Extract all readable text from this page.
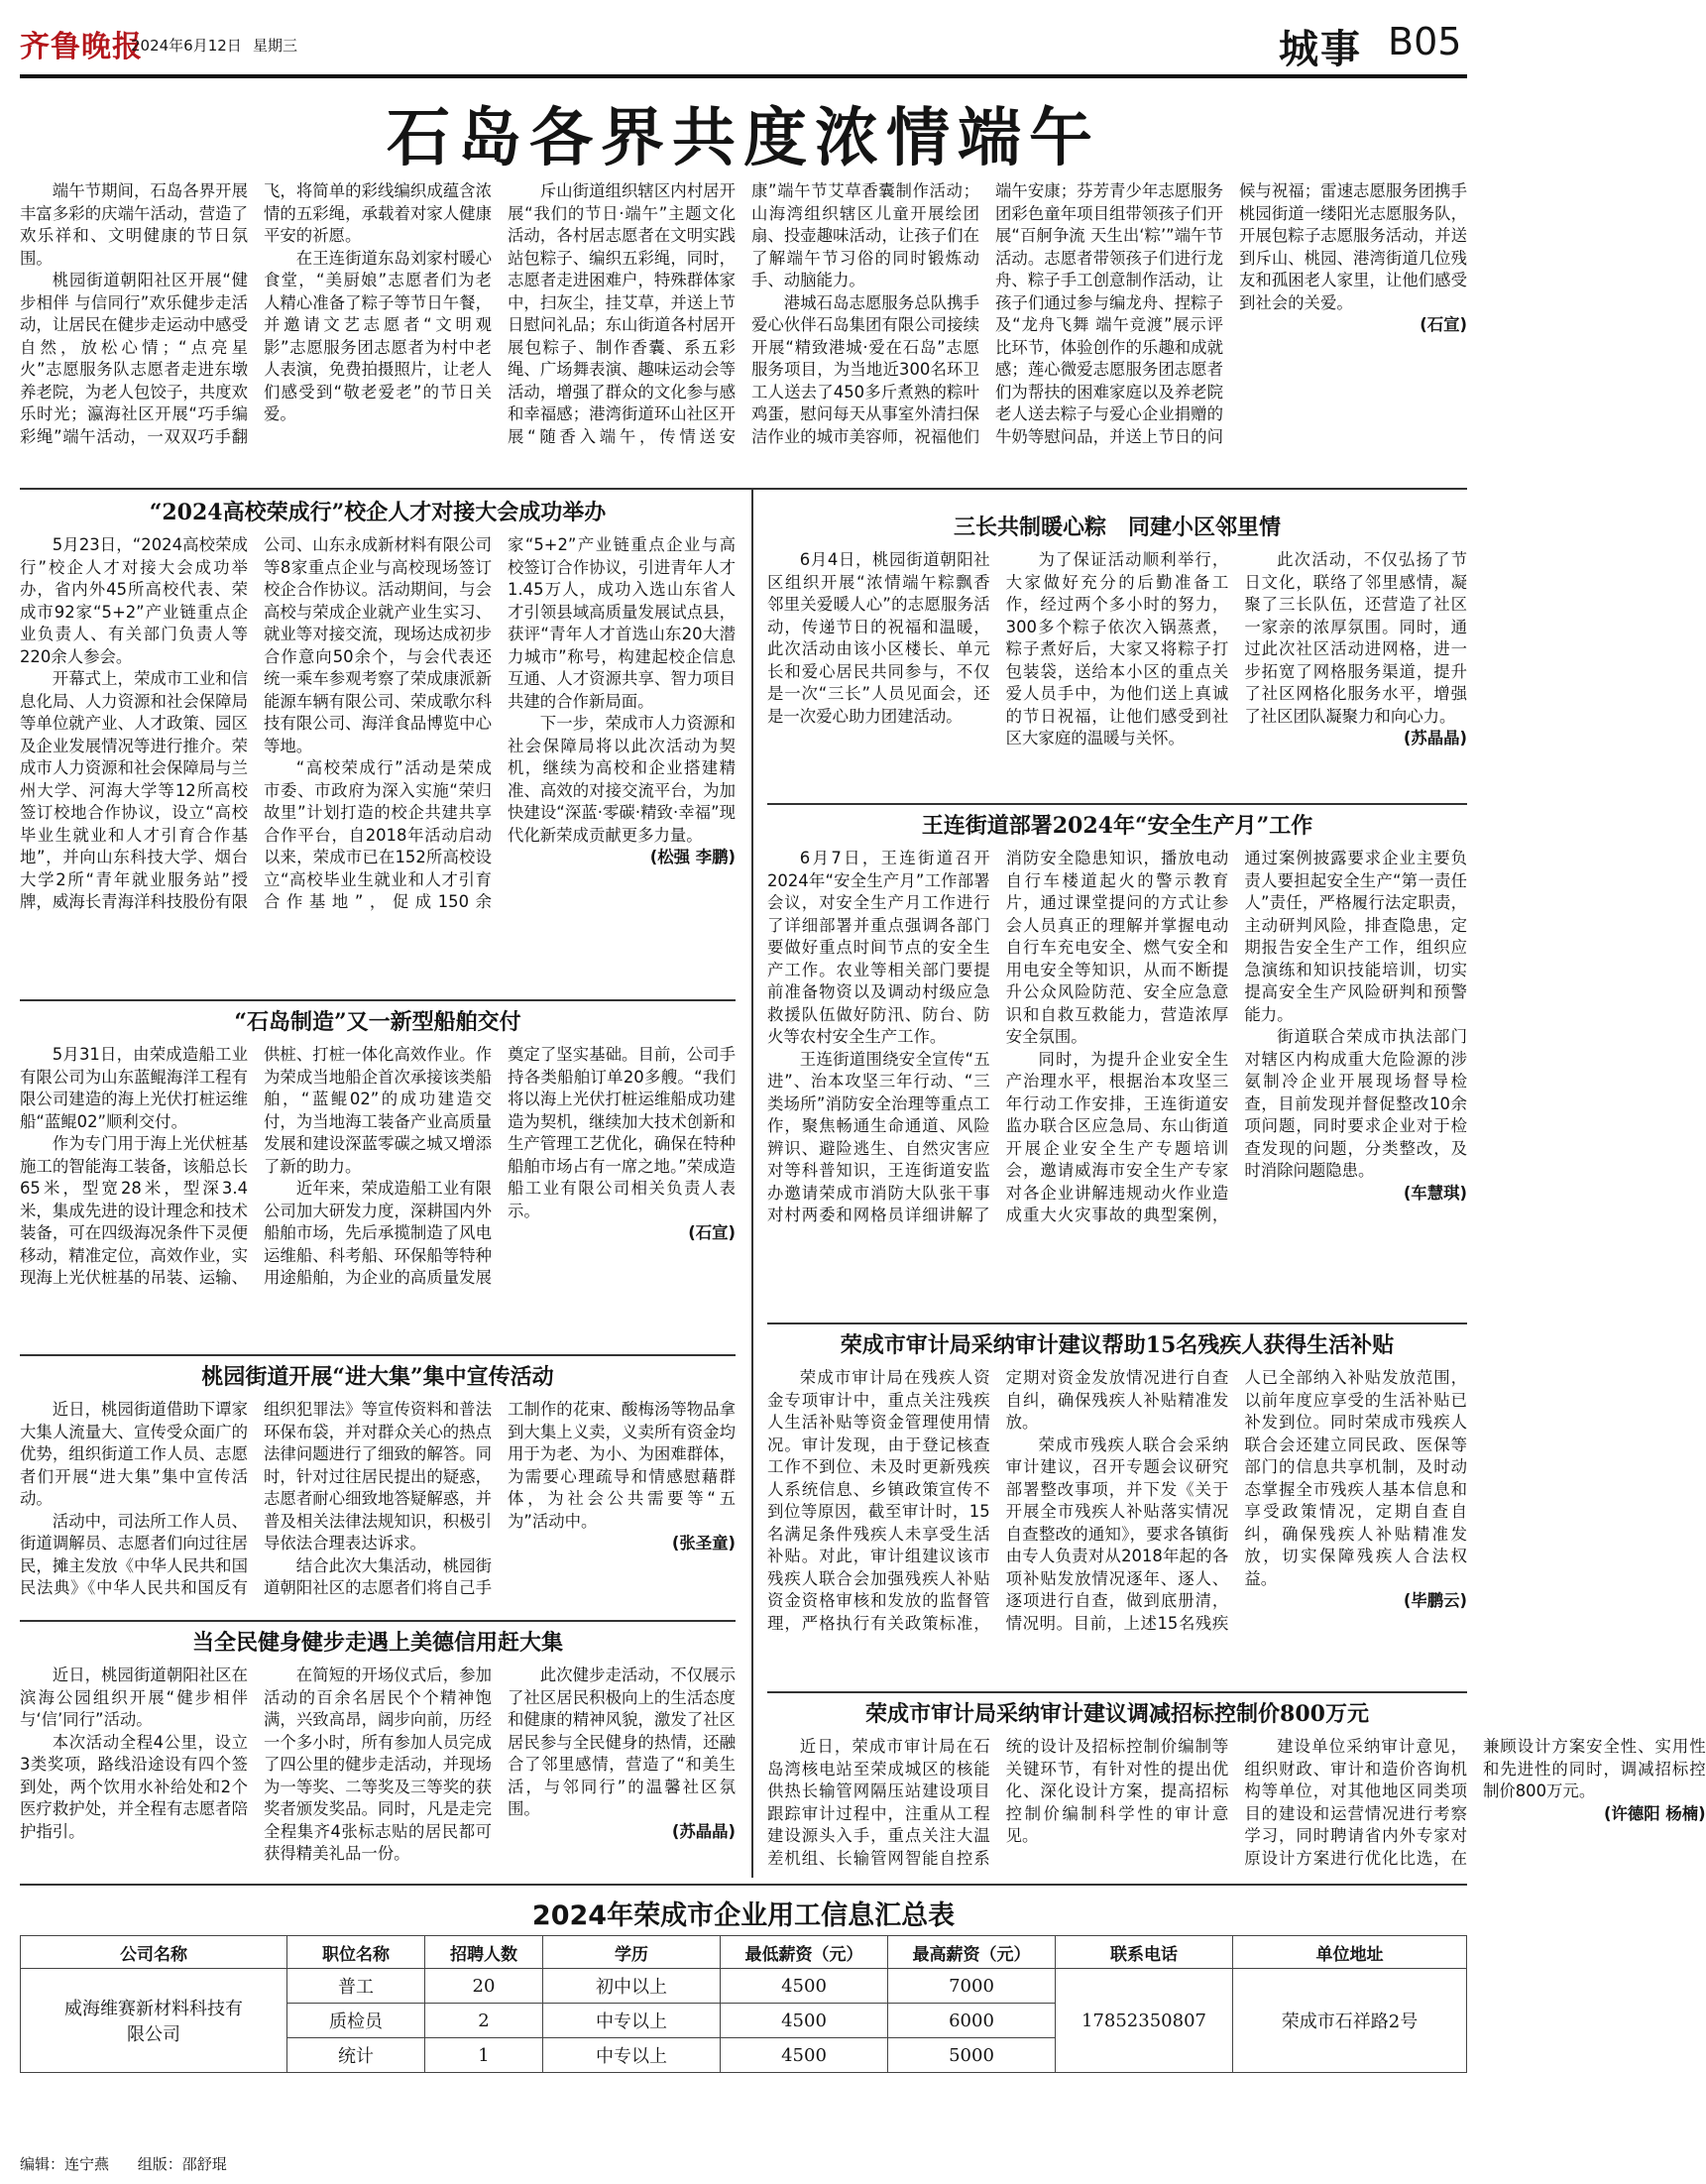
齐鲁晚报
2024年6月12日 星期三	城事 B05
石岛各界共度浓情端午

端午节期间，石岛各界开展丰富多彩的庆端午活动，营造了欢乐祥和、文明健康的节日氛围。

桃园街道朝阳社区开展“健步相伴 与信同行”欢乐健步走活动，让居民在健步走运动中感受自然，放松心情；“点亮星火”志愿服务队志愿者走进东墩养老院，为老人包饺子，共度欢乐时光；瀛海社区开展“巧手编彩绳”端午活动，一双双巧手翻飞，将简单的彩线编织成蕴含浓情的五彩绳，承载着对家人健康平安的祈愿。

在王连街道东岛刘家村暖心食堂，“美厨娘”志愿者们为老人精心准备了粽子等节日午餐，并邀请文艺志愿者“文明观影”志愿服务团志愿者为村中老人表演，免费拍摄照片，让老人们感受到“敬老爱老”的节日关爱。

斥山街道组织辖区内村居开展“我们的节日·端午”主题文化活动，各村居志愿者在文明实践站包粽子、编织五彩绳，同时，志愿者走进困难户，特殊群体家中，扫灰尘，挂艾草，并送上节日慰问礼品；东山街道各村居开展包粽子、制作香囊、系五彩绳、广场舞表演、趣味运动会等活动，增强了群众的文化参与感和幸福感；港湾街道环山社区开展“随香入端午，传情送安康”端午节艾草香囊制作活动；山海湾组织辖区儿童开展绘团扇、投壶趣味活动，让孩子们在了解端午节习俗的同时锻炼动手、动脑能力。

港城石岛志愿服务总队携手爱心伙伴石岛集团有限公司接续开展“精致港城·爱在石岛”志愿服务项目，为当地近300名环卫工人送去了450多斤煮熟的粽叶鸡蛋，慰问每天从事室外清扫保洁作业的城市美容师，祝福他们端午安康；芬芳青少年志愿服务团彩色童年项目组带领孩子们开展“百舸争流 天生出‘粽’”端午节活动。志愿者带领孩子们进行龙舟、粽子手工创意制作活动，让孩子们通过参与编龙舟、捏粽子及“龙舟飞舞 端午竞渡”展示评比环节，体验创作的乐趣和成就感；莲心微爱志愿服务团志愿者们为帮扶的困难家庭以及养老院老人送去粽子与爱心企业捐赠的牛奶等慰问品，并送上节日的问候与祝福；雷速志愿服务团携手桃园街道一缕阳光志愿服务队，开展包粽子志愿服务活动，并送到斥山、桃园、港湾街道几位残友和孤困老人家里，让他们感受到社会的关爱。

(石宣)

“2024高校荣成行”校企人才对接大会成功举办

5月23日，“2024高校荣成行”校企人才对接大会成功举办，省内外45所高校代表、荣成市92家“5+2”产业链重点企业负责人、有关部门负责人等220余人参会。

开幕式上，荣成市工业和信息化局、人力资源和社会保障局等单位就产业、人才政策、园区及企业发展情况等进行推介。荣成市人力资源和社会保障局与兰州大学、河海大学等12所高校签订校地合作协议，设立“高校毕业生就业和人才引育合作基地”，并向山东科技大学、烟台大学2所“青年就业服务站”授牌，威海长青海洋科技股份有限公司、山东永成新材料有限公司等8家重点企业与高校现场签订校企合作协议。活动期间，与会高校与荣成企业就产业生实习、就业等对接交流，现场达成初步合作意向50余个，与会代表还统一乘车参观考察了荣成康派新能源车辆有限公司、荣成歌尔科技有限公司、海洋食品博览中心等地。

“高校荣成行”活动是荣成市委、市政府为深入实施“荣归故里”计划打造的校企共建共享合作平台，自2018年活动启动以来，荣成市已在152所高校设立“高校毕业生就业和人才引育合作基地”，促成150余家“5+2”产业链重点企业与高校签订合作协议，引进青年人才1.45万人，成功入选山东省人才引领县域高质量发展试点县，获评“青年人才首选山东20大潜力城市”称号，构建起校企信息互通、人才资源共享、智力项目共建的合作新局面。

下一步，荣成市人力资源和社会保障局将以此次活动为契机，继续为高校和企业搭建精准、高效的对接交流平台，为加快建设“深蓝·零碳·精致·幸福”现代化新荣成贡献更多力量。

(松强 李鹏)

“石岛制造”又一新型船舶交付

5月31日，由荣成造船工业有限公司为山东蓝鲲海洋工程有限公司建造的海上光伏打桩运维船“蓝鲲02”顺利交付。

作为专门用于海上光伏桩基施工的智能海工装备，该船总长65米，型宽28米，型深3.4米，集成先进的设计理念和技术装备，可在四级海况条件下灵便移动，精准定位，高效作业，实现海上光伏桩基的吊装、运输、供桩、打桩一体化高效作业。作为荣成当地船企首次承接该类船舶，“蓝鲲02”的成功建造交付，为当地海工装备产业高质量发展和建设深蓝零碳之城又增添了新的助力。

近年来，荣成造船工业有限公司加大研发力度，深耕国内外船舶市场，先后承揽制造了风电运维船、科考船、环保船等特种用途船舶，为企业的高质量发展奠定了坚实基础。目前，公司手持各类船舶订单20多艘。“我们将以海上光伏打桩运维船成功建造为契机，继续加大技术创新和生产管理工艺优化，确保在特种船舶市场占有一席之地。”荣成造船工业有限公司相关负责人表示。

(石宣)

桃园街道开展“进大集”集中宣传活动

近日，桃园街道借助下谭家大集人流量大、宣传受众面广的优势，组织街道工作人员、志愿者们开展“进大集”集中宣传活动。

活动中，司法所工作人员、街道调解员、志愿者们向过往居民，摊主发放《中华人民共和国民法典》《中华人民共和国反有组织犯罪法》等宣传资料和普法环保布袋，并对群众关心的热点法律问题进行了细致的解答。同时，针对过往居民提出的疑惑，志愿者耐心细致地答疑解惑，并普及相关法律法规知识，积极引导依法合理表达诉求。

结合此次大集活动，桃园街道朝阳社区的志愿者们将自己手工制作的花束、酸梅汤等物品拿到大集上义卖，义卖所有资金均用于为老、为小、为困难群体，为需要心理疏导和情感慰藉群体，为社会公共需要等“五为”活动中。

(张圣童)

当全民健身健步走遇上美德信用赶大集

近日，桃园街道朝阳社区在滨海公园组织开展“健步相伴 与‘信’同行”活动。

本次活动全程4公里，设立3类奖项，路线沿途设有四个签到处，两个饮用水补给处和2个医疗救护处，并全程有志愿者陪护指引。

在简短的开场仪式后，参加活动的百余名居民个个精神饱满，兴致高昂，阔步向前，历经一个多小时，所有参加人员完成了四公里的健步走活动，并现场为一等奖、二等奖及三等奖的获奖者颁发奖品。同时，凡是走完全程集齐4张标志贴的居民都可获得精美礼品一份。

此次健步走活动，不仅展示了社区居民积极向上的生活态度和健康的精神风貌，激发了社区居民参与全民健身的热情，还融合了邻里感情，营造了“和美生活，与邻同行”的温馨社区氛围。

(苏晶晶)

三长共制暖心粽　同建小区邻里情

6月4日，桃园街道朝阳社区组织开展“浓情端午粽飘香 邻里关爱暖人心”的志愿服务活动，传递节日的祝福和温暖，此次活动由该小区楼长、单元长和爱心居民共同参与，不仅是一次“三长”人员见面会，还是一次爱心助力团建活动。

为了保证活动顺利举行，大家做好充分的后勤准备工作，经过两个多小时的努力，300多个粽子依次入锅蒸煮，粽子煮好后，大家又将粽子打包装袋，送给本小区的重点关爱人员手中，为他们送上真诚的节日祝福，让他们感受到社区大家庭的温暖与关怀。

此次活动，不仅弘扬了节日文化，联络了邻里感情，凝聚了三长队伍，还营造了社区一家亲的浓厚氛围。同时，通过此次社区活动进网格，进一步拓宽了网格服务渠道，提升了社区网格化服务水平，增强了社区团队凝聚力和向心力。

(苏晶晶)

王连街道部署2024年“安全生产月”工作

6月7日，王连街道召开2024年“安全生产月”工作部署会议，对安全生产月工作进行了详细部署并重点强调各部门要做好重点时间节点的安全生产工作。农业等相关部门要提前准备物资以及调动村级应急救援队伍做好防汛、防台、防火等农村安全生产工作。

王连街道围绕安全宣传“五进”、治本攻坚三年行动、“三类场所”消防安全治理等重点工作，聚焦畅通生命通道、风险辨识、避险逃生、自然灾害应对等科普知识，王连街道安监办邀请荣成市消防大队张干事对村两委和网格员详细讲解了消防安全隐患知识，播放电动自行车楼道起火的警示教育片，通过课堂提问的方式让参会人员真正的理解并掌握电动自行车充电安全、燃气安全和用电安全等知识，从而不断提升公众风险防范、安全应急意识和自救互救能力，营造浓厚安全氛围。

同时，为提升企业安全生产治理水平，根据治本攻坚三年行动工作安排，王连街道安监办联合区应急局、东山街道开展企业安全生产专题培训会，邀请威海市安全生产专家对各企业讲解违规动火作业造成重大火灾事故的典型案例，通过案例披露要求企业主要负责人要担起安全生产“第一责任人”责任，严格履行法定职责，主动研判风险，排查隐患，定期报告安全生产工作，组织应急演练和知识技能培训，切实提高安全生产风险研判和预警能力。

街道联合荣成市执法部门对辖区内构成重大危险源的涉氨制冷企业开展现场督导检查，目前发现并督促整改10余项问题，同时要求企业对于检查发现的问题，分类整改，及时消除问题隐患。

(车慧琪)

荣成市审计局采纳审计建议帮助15名残疾人获得生活补贴

荣成市审计局在残疾人资金专项审计中，重点关注残疾人生活补贴等资金管理使用情况。审计发现，由于登记核查工作不到位、未及时更新残疾人系统信息、乡镇政策宣传不到位等原因，截至审计时，15名满足条件残疾人未享受生活补贴。对此，审计组建议该市残疾人联合会加强残疾人补贴资金资格审核和发放的监督管理，严格执行有关政策标准，定期对资金发放情况进行自查自纠，确保残疾人补贴精准发放。

荣成市残疾人联合会采纳审计建议，召开专题会议研究部署整改事项，并下发《关于开展全市残疾人补贴落实情况自查整改的通知》，要求各镇街由专人负责对从2018年起的各项补贴发放情况逐年、逐人、逐项进行自查，做到底册清，情况明。目前，上述15名残疾人已全部纳入补贴发放范围，以前年度应享受的生活补贴已补发到位。同时荣成市残疾人联合会还建立同民政、医保等部门的信息共享机制，及时动态掌握全市残疾人基本信息和享受政策情况，定期自查自纠，确保残疾人补贴精准发放，切实保障残疾人合法权益。

(毕鹏云)

荣成市审计局采纳审计建议调减招标控制价800万元

近日，荣成市审计局在石岛湾核电站至荣成城区的核能供热长输管网隔压站建设项目跟踪审计过程中，注重从工程建设源头入手，重点关注大温差机组、长输管网智能自控系统的设计及招标控制价编制等关键环节，有针对性的提出优化、深化设计方案，提高招标控制价编制科学性的审计意见。

建设单位采纳审计意见，组织财政、审计和造价咨询机构等单位，对其他地区同类项目的建设和运营情况进行考察学习，同时聘请省内外专家对原设计方案进行优化比选，在兼顾设计方案安全性、实用性和先进性的同时，调减招标控制价800万元。

(许德阳 杨楠)

2024年荣成市企业用工信息汇总表
公司名称	职位名称	招聘人数	学历	最低薪资（元）	最高薪资（元）	联系电话	单位地址
威海维赛新材料科技有限公司	普工	20	初中以上	4500	7000	17852350807	荣成市石祥路2号
	质检员	2	中专以上	4500	6000		
	统计	1	中专以上	4500	5000		
编辑：连宁燕 组版：邵舒琨
